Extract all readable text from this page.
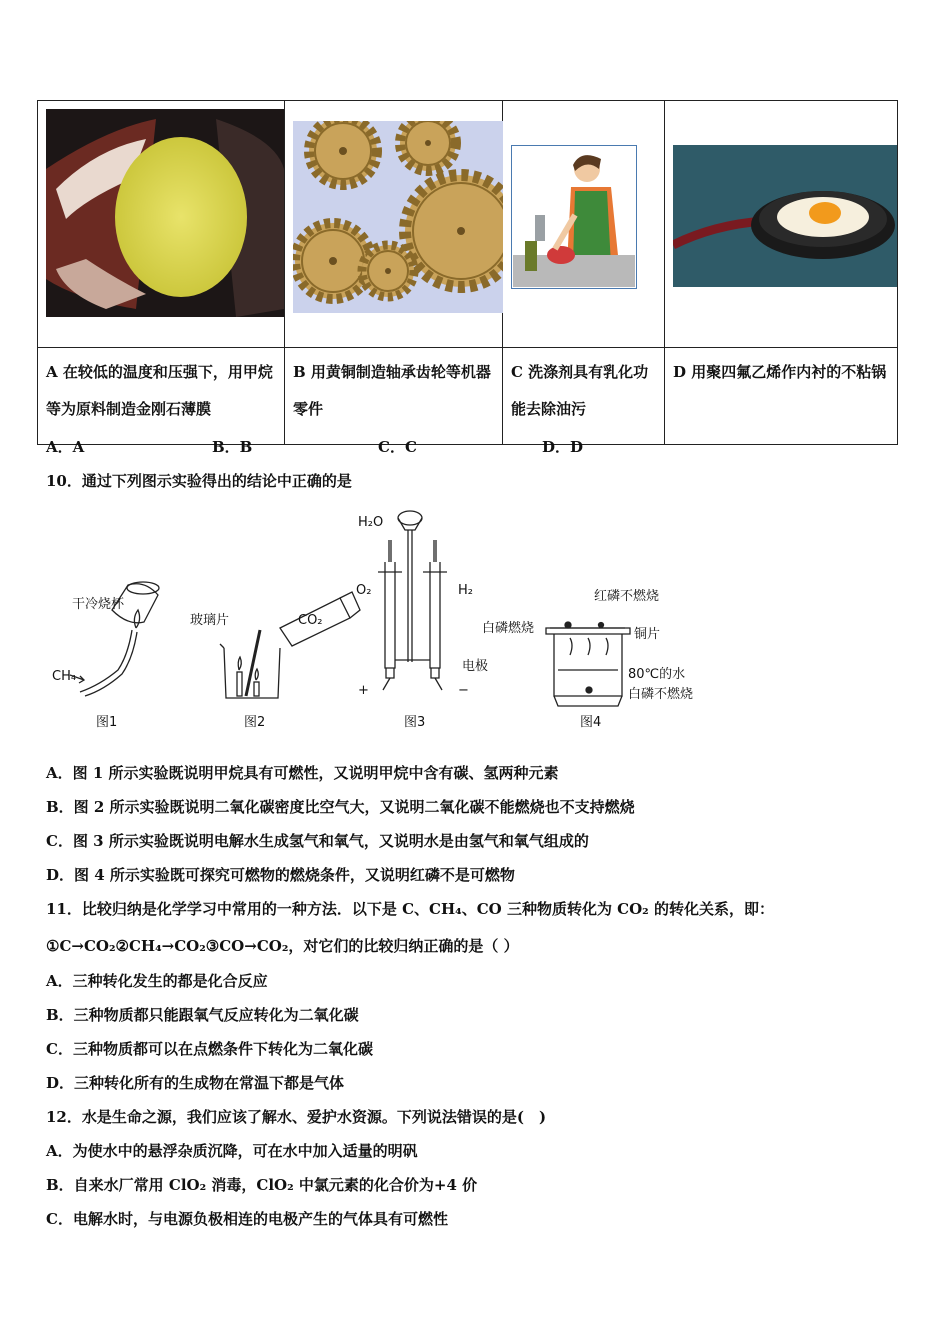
A 在较低的温度和压强下，用甲烷等为原料制造金刚石薄膜	B 用黄铜制造轴承齿轮等机器零件	C 洗涤剂具有乳化功能去除油污	D 用聚四氟乙烯作内衬的不粘锅
A．A	B．B	C．C	D．D
10．通过下列图示实验得出的结论中正确的是
干冷烧杯
CH₄
图1
玻璃片	CO₂
图2
H₂O
O₂	H₂
电极
+	−
图3
红磷不燃烧
白磷燃烧	铜片
80℃的水
白磷不燃烧
图4
A．图 1 所示实验既说明甲烷具有可燃性，又说明甲烷中含有碳、氢两种元素
B．图 2 所示实验既说明二氧化碳密度比空气大，又说明二氧化碳不能燃烧也不支持燃烧
C．图 3 所示实验既说明电解水生成氢气和氧气，又说明水是由氢气和氧气组成的
D．图 4 所示实验既可探究可燃物的燃烧条件，又说明红磷不是可燃物
11．比较归纳是化学学习中常用的一种方法．以下是 C、CH₄、CO 三种物质转化为 CO₂ 的转化关系，即：
①C→CO₂②CH₄→CO₂③CO→CO₂，对它们的比较归纳正确的是（ ）
A．三种转化发生的都是化合反应
B．三种物质都只能跟氧气反应转化为二氧化碳
C．三种物质都可以在点燃条件下转化为二氧化碳
D．三种转化所有的生成物在常温下都是气体
12．水是生命之源，我们应该了解水、爱护水资源。下列说法错误的是(　)
A．为使水中的悬浮杂质沉降，可在水中加入适量的明矾
B．自来水厂常用 ClO₂ 消毒，ClO₂ 中氯元素的化合价为+4 价
C．电解水时，与电源负极相连的电极产生的气体具有可燃性
